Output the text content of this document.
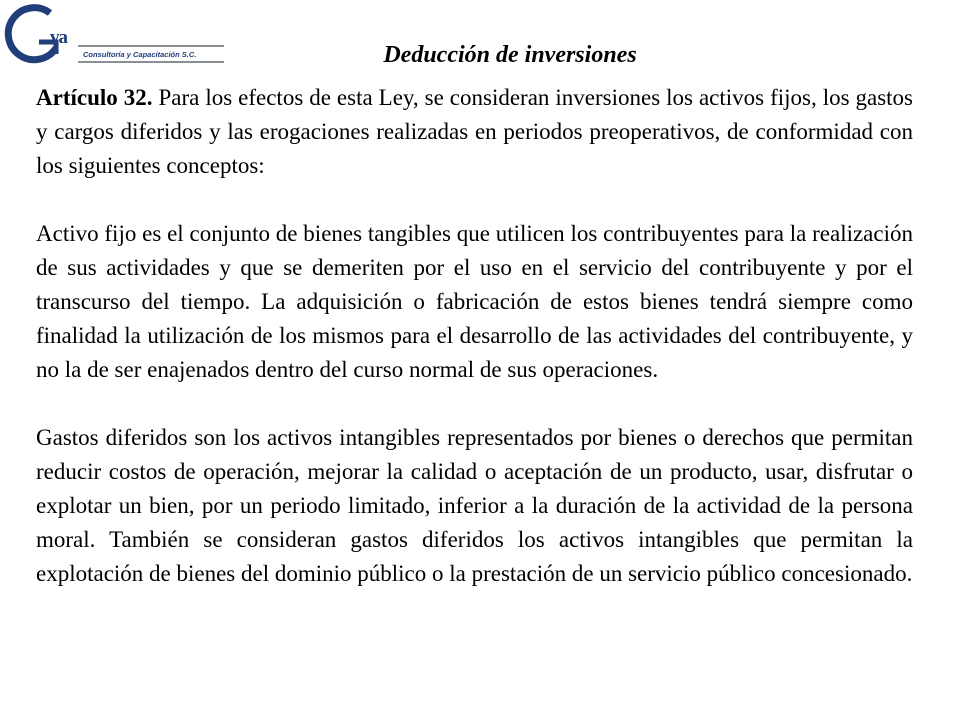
va
Consultoría y Capacitación S.C.	Deducción de inversiones

Artículo 32. Para los efectos de esta Ley, se consideran inversiones los activos fijos, los gastos y cargos diferidos y las erogaciones realizadas en periodos preoperativos, de conformidad con los siguientes conceptos:

Activo fijo es el conjunto de bienes tangibles que utilicen los contribuyentes para la realización de sus actividades y que se demeriten por el uso en el servicio del contribuyente y por el transcurso del tiempo. La adquisición o fabricación de estos bienes tendrá siempre como finalidad la utilización de los mismos para el desarrollo de las actividades del contribuyente, y no la de ser enajenados dentro del curso normal de sus operaciones.

Gastos diferidos son los activos intangibles representados por bienes o derechos que permitan reducir costos de operación, mejorar la calidad o aceptación de un producto, usar, disfrutar o explotar un bien, por un periodo limitado, inferior a la duración de la actividad de la persona moral. También se consideran gastos diferidos los activos intangibles que permitan la explotación de bienes del dominio público o la prestación de un servicio público concesionado.
